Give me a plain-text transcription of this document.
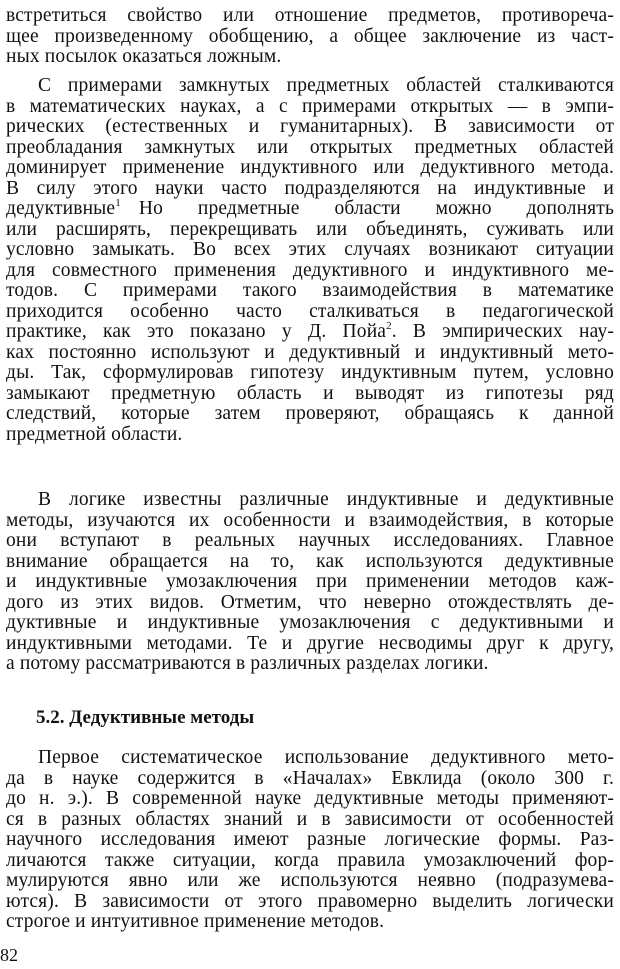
встретиться свойство или отношение предметов, противореча-
щее произведенному обобщению, а общее заключение из част-
ных посылок оказаться ложным.

С примерами замкнутых предметных областей сталкиваются
в математических науках, а с примерами открытых — в эмпи-
рических (естественных и гуманитарных). В зависимости от
преобладания замкнутых или открытых предметных областей
доминирует применение индуктивного или дедуктивного метода.
В силу этого науки часто подразделяются на индуктивные и
дедуктивные$^1$ Но предметные области можно дополнять
или расширять, перекрещивать или объединять, суживать или
условно замыкать. Во всех этих случаях возникают ситуации
для совместного применения дедуктивного и индуктивного ме-
тодов. С примерами такого взаимодействия в математике
приходится особенно часто сталкиваться в педагогической
практике, как это показано у Д. Пойа$^2$. В эмпирических нау-
ках постоянно используют и дедуктивный и индуктивный мето-
ды. Так, сформулировав гипотезу индуктивным путем, условно
замыкают предметную область и выводят из гипотезы ряд
следствий, которые затем проверяют, обращаясь к данной
предметной области.

В логике известны различные индуктивные и дедуктивные
методы, изучаются их особенности и взаимодействия, в которые
они вступают в реальных научных исследованиях. Главное
внимание обращается на то, как используются дедуктивные
и индуктивные умозаключения при применении методов каж-
дого из этих видов. Отметим, что неверно отождествлять де-
дуктивные и индуктивные умозаключения с дедуктивными и
индуктивными методами. Те и другие несводимы друг к другу,
а потому рассматриваются в различных разделах логики.

5.2. Дедуктивные методы

Первое систематическое использование дедуктивного мето-
да в науке содержится в «Началах» Евклида (около 300 г.
до н. э.). В современной науке дедуктивные методы применяют-
ся в разных областях знаний и в зависимости от особенностей
научного исследования имеют разные логические формы. Раз-
личаются также ситуации, когда правила умозаключений фор-
мулируются явно или же используются неявно (подразумева-
ются). В зависимости от этого правомерно выделить логически
строгое и интуитивное применение методов.

82
